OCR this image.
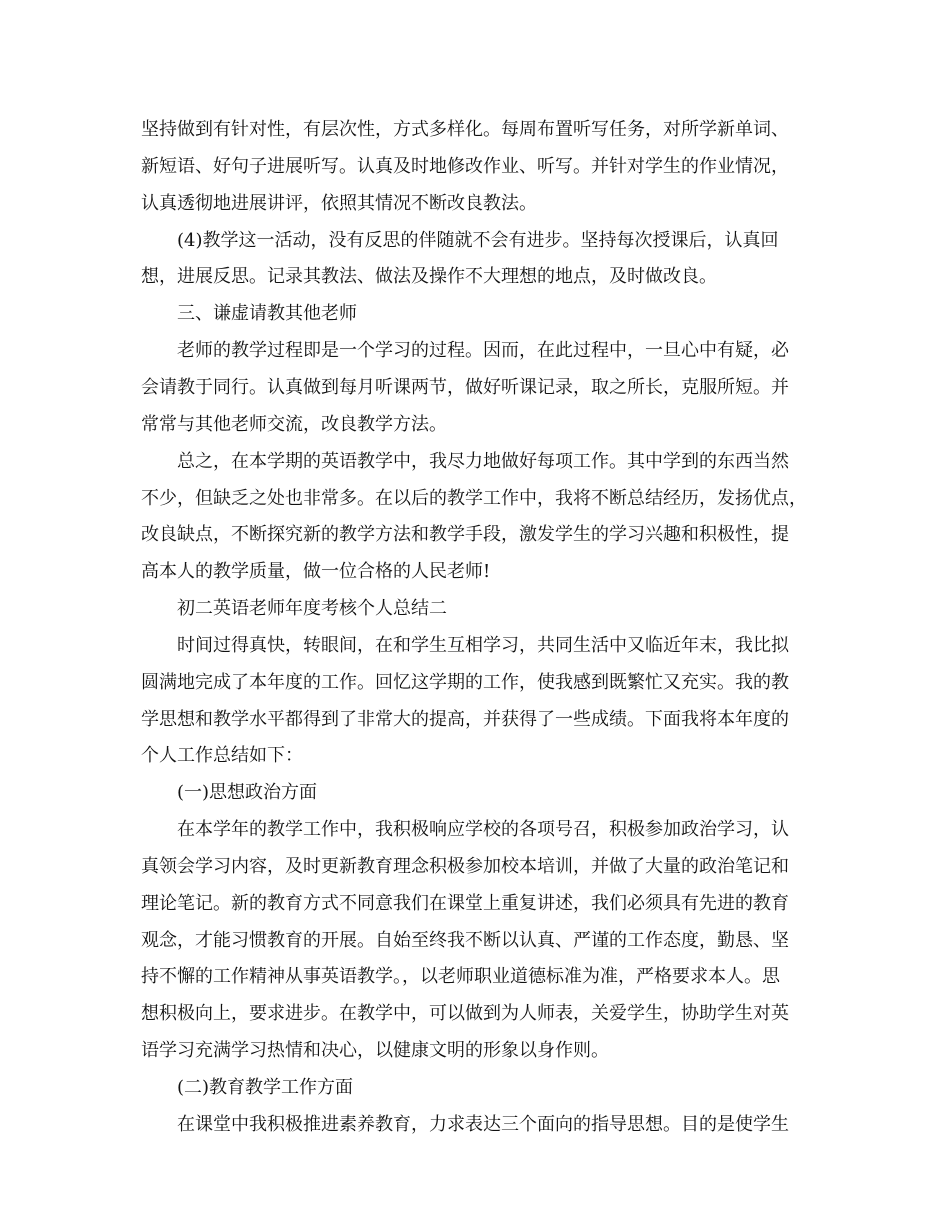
坚持做到有针对性，有层次性，方式多样化。每周布置听写任务，对所学新单词、
新短语、好句子进展听写。认真及时地修改作业、听写。并针对学生的作业情况，
认真透彻地进展讲评，依照其情况不断改良教法。
(4)教学这一活动，没有反思的伴随就不会有进步。坚持每次授课后，认真回
想，进展反思。记录其教法、做法及操作不大理想的地点，及时做改良。
三、谦虚请教其他老师
老师的教学过程即是一个学习的过程。因而，在此过程中，一旦心中有疑，必
会请教于同行。认真做到每月听课两节，做好听课记录，取之所长，克服所短。并
常常与其他老师交流，改良教学方法。
总之，在本学期的英语教学中，我尽力地做好每项工作。其中学到的东西当然
不少，但缺乏之处也非常多。在以后的教学工作中，我将不断总结经历，发扬优点，
改良缺点，不断探究新的教学方法和教学手段，激发学生的学习兴趣和积极性，提
高本人的教学质量，做一位合格的人民老师!
初二英语老师年度考核个人总结二
时间过得真快，转眼间，在和学生互相学习，共同生活中又临近年末，我比拟
圆满地完成了本年度的工作。回忆这学期的工作，使我感到既繁忙又充实。我的教
学思想和教学水平都得到了非常大的提高，并获得了一些成绩。下面我将本年度的
个人工作总结如下：
(一)思想政治方面
在本学年的教学工作中，我积极响应学校的各项号召，积极参加政治学习，认
真领会学习内容，及时更新教育理念积极参加校本培训，并做了大量的政治笔记和
理论笔记。新的教育方式不同意我们在课堂上重复讲述，我们必须具有先进的教育
观念，才能习惯教育的开展。自始至终我不断以认真、严谨的工作态度，勤恳、坚
持不懈的工作精神从事英语教学。，以老师职业道德标准为准，严格要求本人。思
想积极向上，要求进步。在教学中，可以做到为人师表，关爱学生，协助学生对英
语学习充满学习热情和决心，以健康文明的形象以身作则。
(二)教育教学工作方面
在课堂中我积极推进素养教育，力求表达三个面向的指导思想。目的是使学生
